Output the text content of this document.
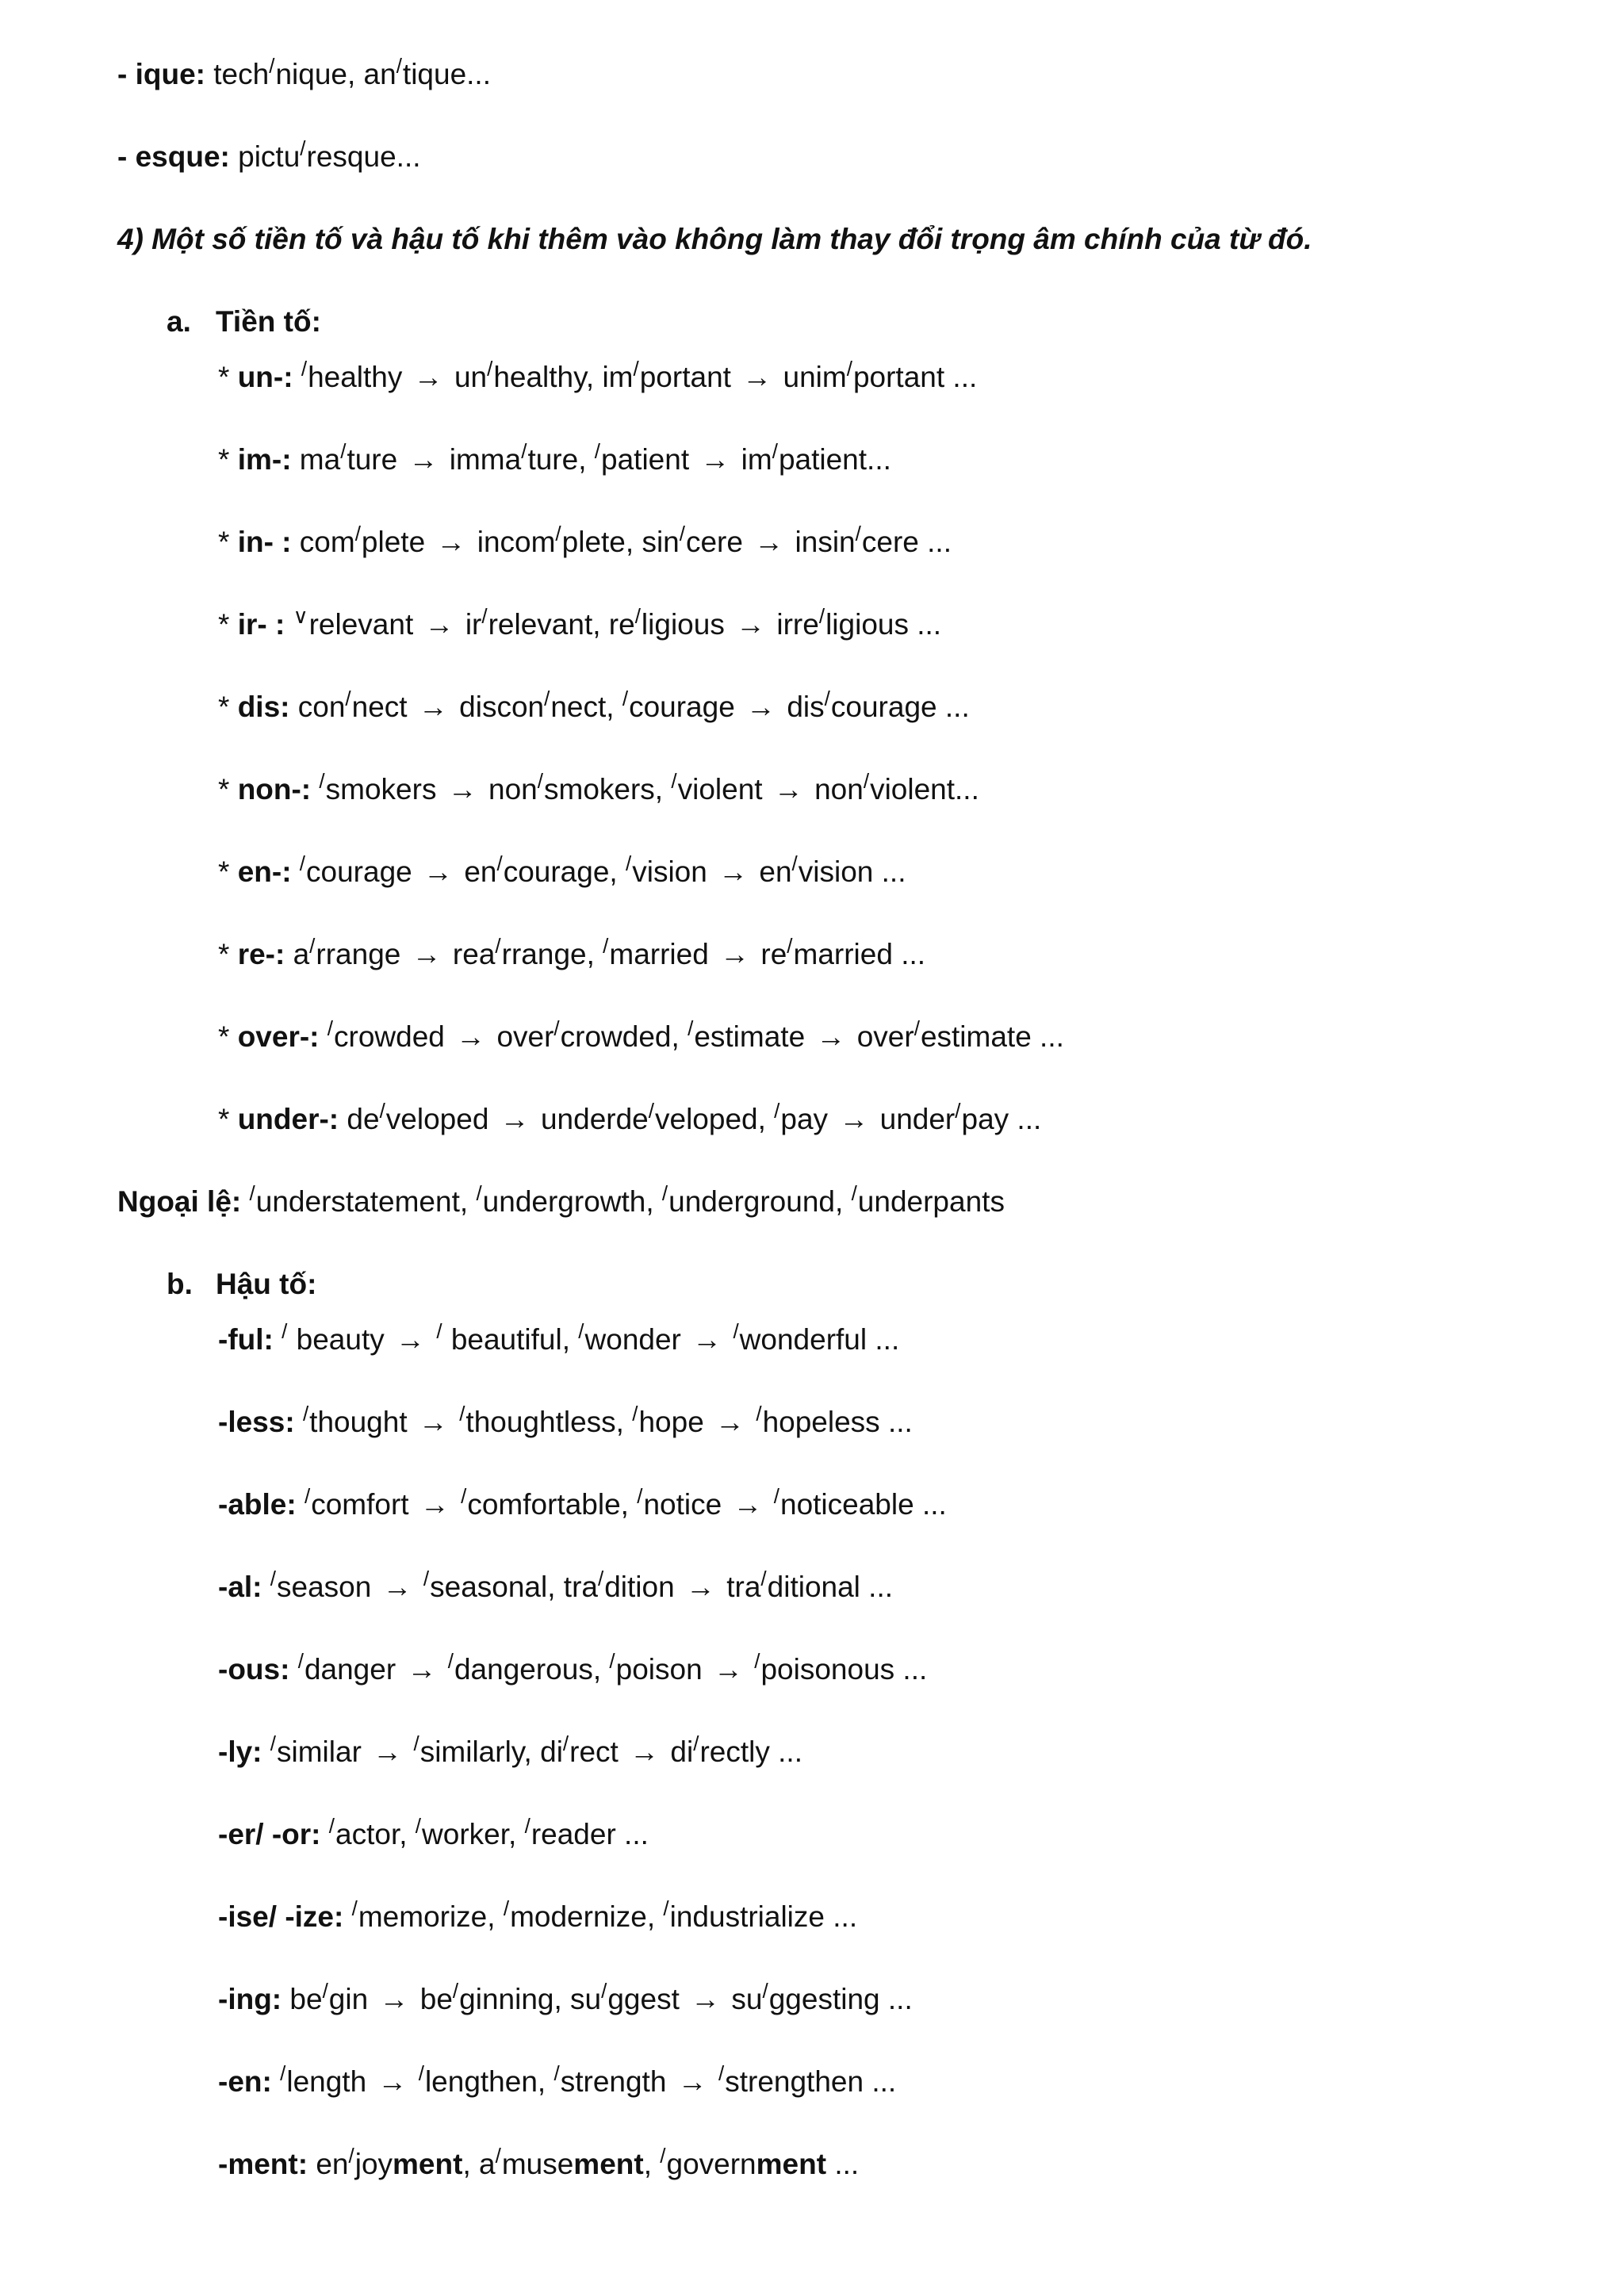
- ique: tech/nique, an/tique...
- esque: pictu/resque...
4) Một số tiền tố và hậu tố khi thêm vào không làm thay đổi trọng âm chính của từ đó.
a. Tiền tố:
* un-: /healthy → un/healthy, im/portant → unim/portant ...
* im-: ma/ture → imma/ture, /patient → im/patient...
* in- : com/plete → incom/plete, sin/cere → insin/cere ...
* ir- : ∨relevant → ir/relevant, re/ligious → irre/ligious ...
* dis: con/nect → discon/nect, /courage → dis/courage ...
* non-: /smokers → non/smokers, /violent → non/violent...
* en-: /courage → en/courage, /vision → en/vision ...
* re-: a/rrange → rea/rrange, /married → re/married ...
* over-: /crowded → over/crowded, /estimate → over/estimate ...
* under-: de/veloped → underde/veloped, /pay → under/pay ...
Ngoại lệ: /understatement, /undergrowth, /underground, /underpants
b. Hậu tố:
-ful: / beauty → / beautiful, /wonder → /wonderful ...
-less: /thought → /thoughtless, /hope → /hopeless ...
-able: /comfort → /comfortable, /notice → /noticeable ...
-al: /season → /seasonal, tra/dition → tra/ditional ...
-ous: /danger → /dangerous, /poison → /poisonous ...
-ly: /similar → /similarly, di/rect → di/rectly ...
-er/ -or: /actor, /worker, /reader ...
-ise/ -ize: /memorize, /modernize, /industrialize ...
-ing: be/gin → be/ginning, su/ggest → su/ggesting ...
-en: /length → /lengthen, /strength → /strengthen ...
-ment: en/joyment, a/musement, /government ...
